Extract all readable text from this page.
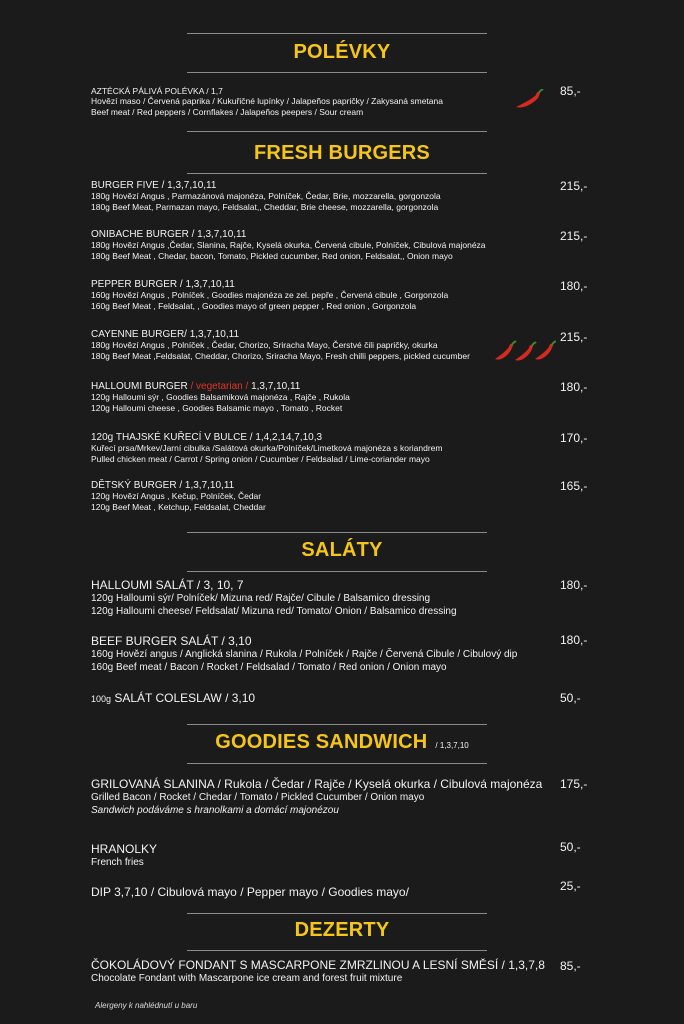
POLÉVKY
AZTÉCKÁ PÁLIVÁ POLÉVKA / 1,7
Hovězí maso / Červená paprika / Kukuřičné lupínky / Jalapeños papričky / Zakysaná smetana
Beef meat / Red peppers / Cornflakes / Jalapeños peepers / Sour cream
85,-
FRESH BURGERS
BURGER FIVE / 1,3,7,10,11
180g Hovězí Angus , Parmazánová majonéza, Polníček, Čedar, Brie, mozzarella, gorgonzola
180g Beef Meat, Parmazan mayo, Feldsalat,, Cheddar, Brie cheese, mozzarella, gorgonzola
215,-
ONIBACHE BURGER / 1,3,7,10,11
180g Hovězí Angus ,Čedar, Slanina, Rajče, Kyselá okurka, Červená cibule, Polníček, Cibulová majonéza
180g Beef Meat , Chedar, bacon, Tomato, Pickled cucumber, Red onion, Feldsalat,, Onion mayo
215,-
PEPPER BURGER / 1,3,7,10,11
160g Hovězí Angus , Polníček , Goodies majonéza ze zel. pepře , Červená cibule , Gorgonzola
160g Beef Meat , Feldsalat, , Goodies mayo of green pepper , Red onion , Gorgonzola
180,-
CAYENNE BURGER/ 1,3,7,10,11
180g Hovězí Angus , Polníček , Čedar, Chorizo, Sriracha Mayo, Čerstvé čili papričky, okurka
180g Beef Meat ,Feldsalat, Cheddar, Chorizo, Sriracha Mayo, Fresh chilli peppers, pickled cucumber
215,-
HALLOUMI BURGER / vegetarian / 1,3,7,10,11
120g Halloumi sýr , Goodies Balsamiková majonéza , Rajče , Rukola
120g Halloumi cheese , Goodies Balsamic mayo , Tomato , Rocket
180,-
120g THAJSKÉ KUŘECÍ V BULCE / 1,4,2,14,7,10,3
Kuřecí prsa/Mrkev/Jarní cibulka /Salátová okurka/Polníček/Limetková majonéza s koriandrem
Pulled chicken meat / Carrot / Spring onion / Cucumber / Feldsalad / Lime-coriander mayo
170,-
DĚTSKÝ BURGER / 1,3,7,10,11
120g Hovězí Angus , Kečup, Polníček, Čedar
120g Beef Meat , Ketchup, Feldsalat, Cheddar
165,-
SALÁTY
HALLOUMI SALÁT / 3, 10, 7
120g Halloumi sýr/ Polníček/ Mizuna red/ Rajče/ Cibule / Balsamico dressing
120g Halloumi cheese/ Feldsalat/ Mizuna red/ Tomato/ Onion / Balsamico dressing
180,-
BEEF BURGER SALÁT / 3,10
160g Hovězí angus / Anglická slanina / Rukola / Polníček / Rajče / Červená Cibule / Cibulový dip
160g Beef meat / Bacon / Rocket / Feldsalad / Tomato / Red onion / Onion mayo
180,-
100g SALÁT COLESLAW / 3,10	50,-
GOODIES SANDWICH / 1,3,7,10
GRILOVANÁ SLANINA / Rukola / Čedar / Rajče / Kyselá okurka / Cibulová majonéza
Grilled Bacon / Rocket / Chedar / Tomato / Pickled Cucumber / Onion mayo
Sandwich podáváme s hranolkami a domácí majonézou
175,-
HRANOLKY
French fries
50,-
DIP 3,7,10 / Cibulová mayo / Pepper mayo / Goodies mayo/	25,-
DEZERTY
ČOKOLÁDOVÝ FONDANT S MASCARPONE ZMRZLINOU A LESNÍ SMĚSÍ / 1,3,7,8
Chocolate Fondant with Mascarpone ice cream and forest fruit mixture
85,-
Alergeny k nahlédnutí u baru
